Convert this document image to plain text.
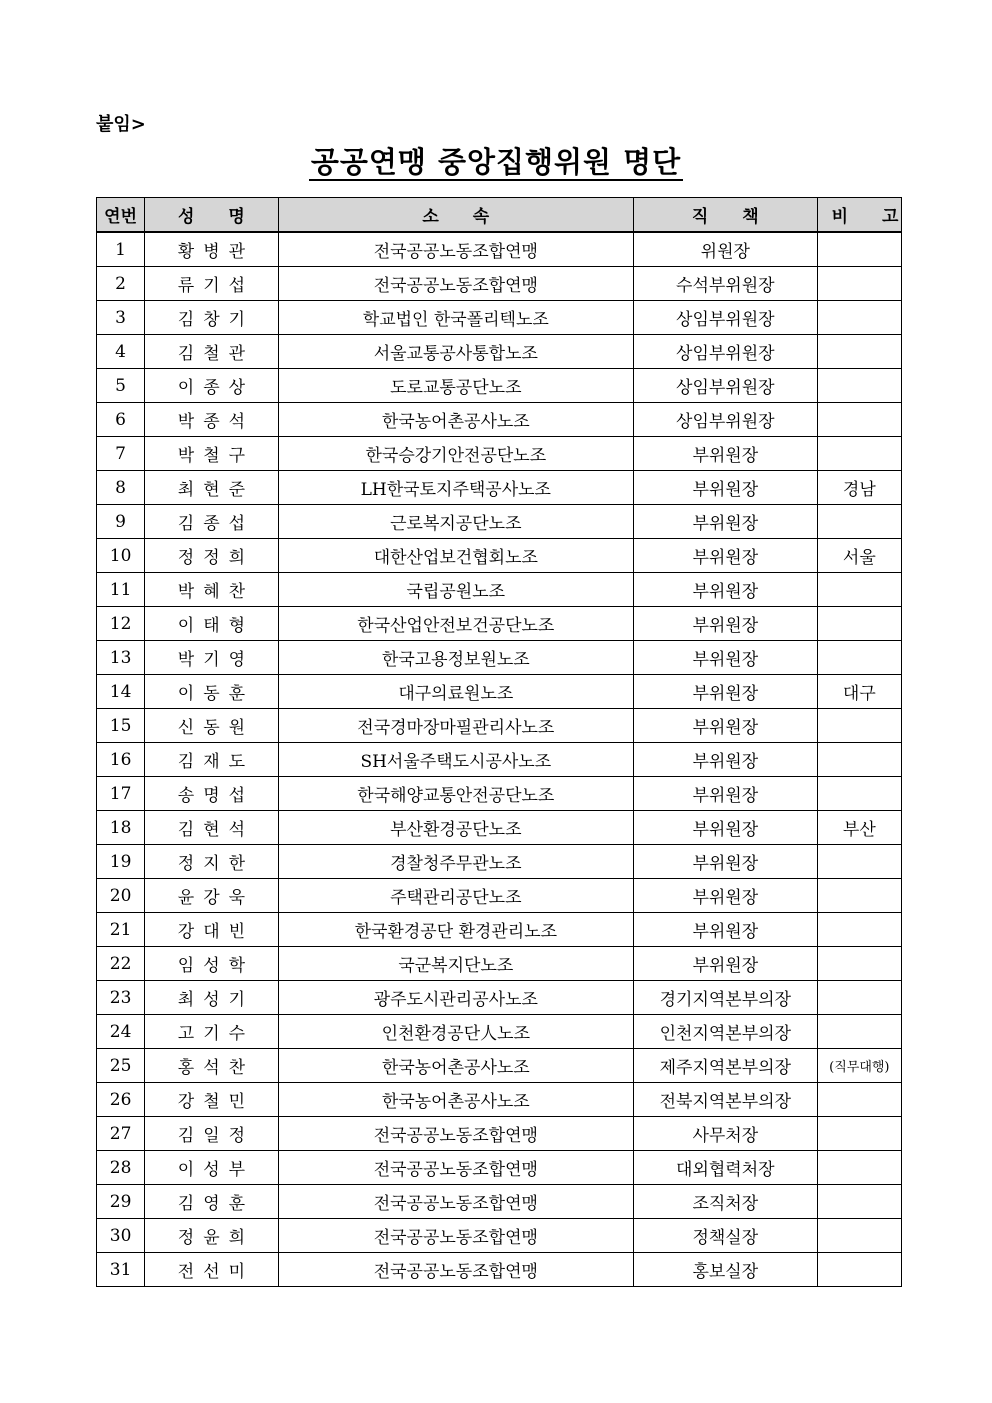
붙임>
공공연맹 중앙집행위원 명단
연번	성 명	소 속	직 책	비 고
1	황병관	전국공공노동조합연맹	위원장	
2	류기섭	전국공공노동조합연맹	수석부위원장	
3	김창기	학교법인 한국폴리텍노조	상임부위원장	
4	김철관	서울교통공사통합노조	상임부위원장	
5	이종상	도로교통공단노조	상임부위원장	
6	박종석	한국농어촌공사노조	상임부위원장	
7	박철구	한국승강기안전공단노조	부위원장	
8	최현준	LH한국토지주택공사노조	부위원장	경남
9	김종섭	근로복지공단노조	부위원장	
10	정정희	대한산업보건협회노조	부위원장	서울
11	박혜찬	국립공원노조	부위원장	
12	이태형	한국산업안전보건공단노조	부위원장	
13	박기영	한국고용정보원노조	부위원장	
14	이동훈	대구의료원노조	부위원장	대구
15	신동원	전국경마장마필관리사노조	부위원장	
16	김재도	SH서울주택도시공사노조	부위원장	
17	송명섭	한국해양교통안전공단노조	부위원장	
18	김현석	부산환경공단노조	부위원장	부산
19	정지한	경찰청주무관노조	부위원장	
20	윤강욱	주택관리공단노조	부위원장	
21	강대빈	한국환경공단 환경관리노조	부위원장	
22	임성학	국군복지단노조	부위원장	
23	최성기	광주도시관리공사노조	경기지역본부의장	
24	고기수	인천환경공단人노조	인천지역본부의장	
25	홍석찬	한국농어촌공사노조	제주지역본부의장	(직무대행)
26	강철민	한국농어촌공사노조	전북지역본부의장	
27	김일정	전국공공노동조합연맹	사무처장	
28	이성부	전국공공노동조합연맹	대외협력처장	
29	김영훈	전국공공노동조합연맹	조직처장	
30	정윤희	전국공공노동조합연맹	정책실장	
31	전선미	전국공공노동조합연맹	홍보실장	
